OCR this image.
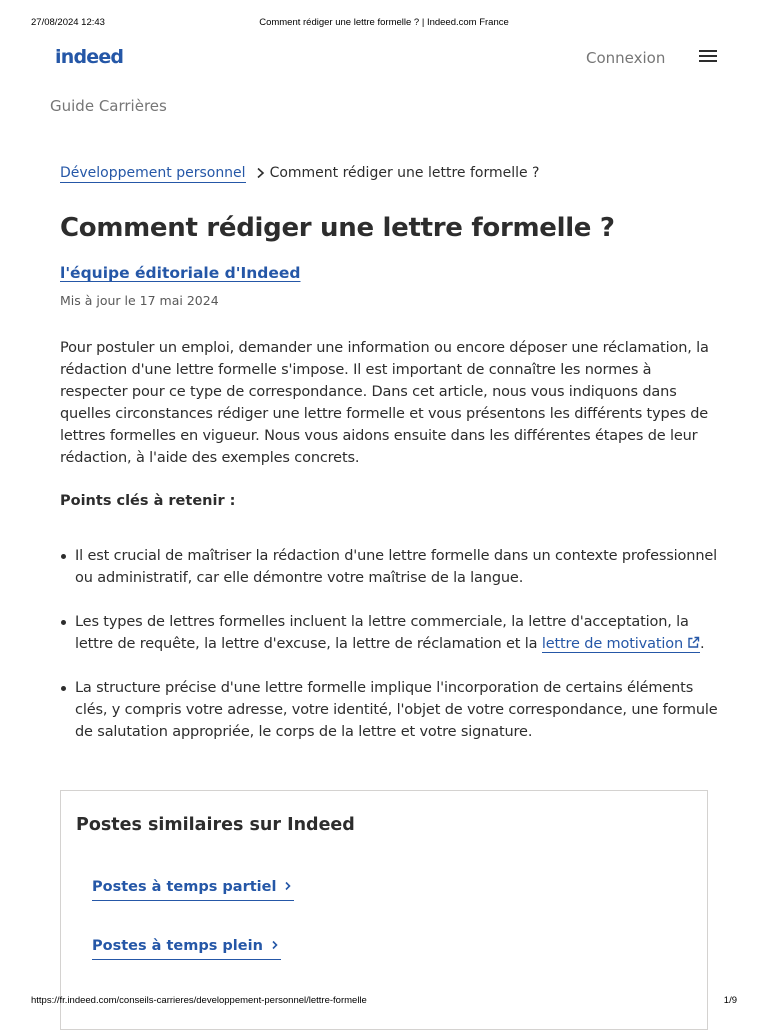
27/08/2024 12:43	Comment rédiger une lettre formelle ? | Indeed.com France
indeed	Connexion
Guide Carrières
Développement personnel Comment rédiger une lettre formelle ?
Comment rédiger une lettre formelle ?
l'équipe éditoriale d'Indeed
Mis à jour le 17 mai 2024

Pour postuler un emploi, demander une information ou encore déposer une réclamation, la rédaction d'une lettre formelle s'impose. Il est important de connaître les normes à respecter pour ce type de correspondance. Dans cet article, nous vous indiquons dans quelles circonstances rédiger une lettre formelle et vous présentons les différents types de lettres formelles en vigueur. Nous vous aidons ensuite dans les différentes étapes de leur rédaction, à l'aide des exemples concrets.

Points clés à retenir :

Il est crucial de maîtriser la rédaction d'une lettre formelle dans un contexte professionnel ou administratif, car elle démontre votre maîtrise de la langue.
Les types de lettres formelles incluent la lettre commerciale, la lettre d'acceptation, la lettre de requête, la lettre d'excuse, la lettre de réclamation et la lettre de motivation .
La structure précise d'une lettre formelle implique l'incorporation de certains éléments clés, y compris votre adresse, votre identité, l'objet de votre correspondance, une formule de salutation appropriée, le corps de la lettre et votre signature.
Postes similaires sur Indeed
Postes à temps partiel
Postes à temps plein
https://fr.indeed.com/conseils-carrieres/developpement-personnel/lettre-formelle	1/9
